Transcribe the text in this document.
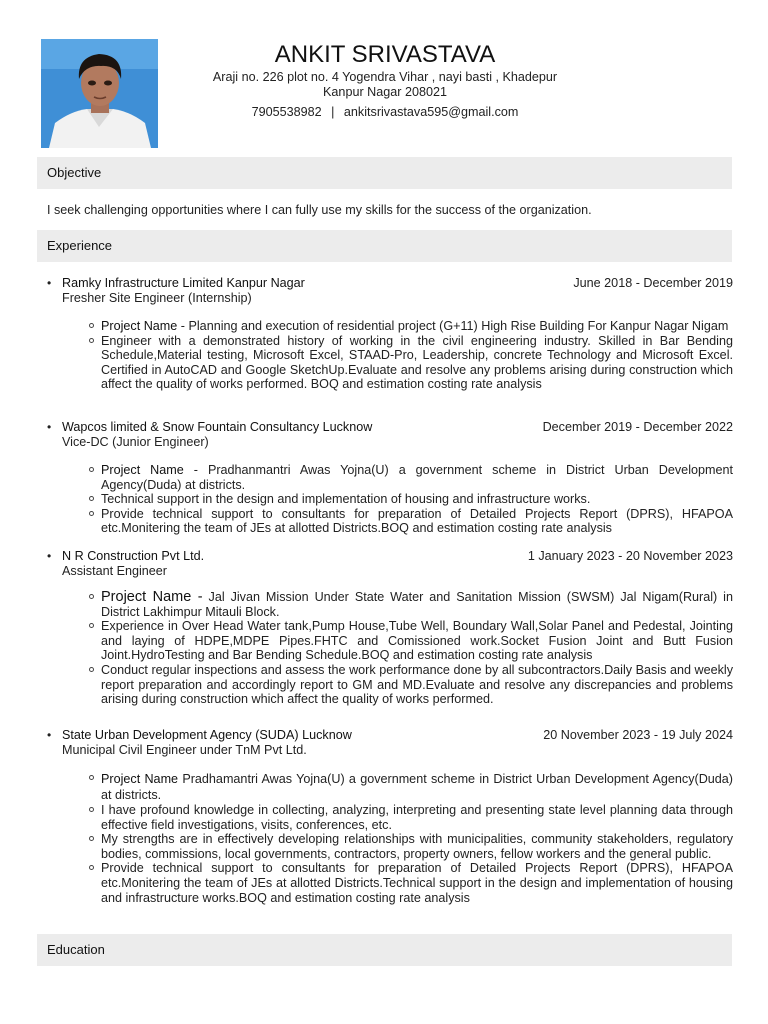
ANKIT SRIVASTAVA
Araji no. 226 plot no. 4 Yogendra Vihar , nayi basti , Khadepur
Kanpur Nagar 208021
7905538982 | ankitsrivastava595@gmail.com
Objective
I seek challenging opportunities where I can fully use my skills for the success of the organization.
Experience
• Ramky Infrastructure Limited Kanpur Nagar	June 2018 - December 2019
Fresher Site Engineer (Internship)
Project Name - Planning and execution of residential project (G+11) High Rise Building For Kanpur Nagar Nigam
Engineer with a demonstrated history of working in the civil engineering industry. Skilled in Bar Bending Schedule,Material testing, Microsoft Excel, STAAD-Pro, Leadership, concrete Technology and Microsoft Excel. Certified in AutoCAD and Google SketchUp.Evaluate and resolve any problems arising during construction which affect the quality of works performed. BOQ and estimation costing rate analysis
• Wapcos limited & Snow Fountain Consultancy Lucknow	December 2019 - December 2022
Vice-DC (Junior Engineer)
Project Name - Pradhanmantri Awas Yojna(U) a government scheme in District Urban Development Agency(Duda) at districts.
Technical support in the design and implementation of housing and infrastructure works.
Provide technical support to consultants for preparation of Detailed Projects Report (DPRS), HFAPOA etc.Monitering the team of JEs at allotted Districts.BOQ and estimation costing rate analysis
• N R Construction Pvt Ltd.	1 January 2023 - 20 November 2023
Assistant Engineer
Project Name - Jal Jivan Mission Under State Water and Sanitation Mission (SWSM) Jal Nigam(Rural) in District Lakhimpur Mitauli Block.
Experience in Over Head Water tank,Pump House,Tube Well, Boundary Wall,Solar Panel and Pedestal, Jointing and laying of HDPE,MDPE Pipes.FHTC and Comissioned work.Socket Fusion Joint and Butt Fusion Joint.HydroTesting and Bar Bending Schedule.BOQ and estimation costing rate analysis
Conduct regular inspections and assess the work performance done by all subcontractors.Daily Basis and weekly report preparation and accordingly report to GM and MD.Evaluate and resolve any discrepancies and problems arising during construction which affect the quality of works performed.
• State Urban Development Agency (SUDA) Lucknow	20 November 2023 - 19 July 2024
Municipal Civil Engineer under TnM Pvt Ltd.
Project Name Pradhamantri Awas Yojna(U) a government scheme in District Urban Development Agency(Duda) at districts.
I have profound knowledge in collecting, analyzing, interpreting and presenting state level planning data through effective field investigations, visits, conferences, etc.
My strengths are in effectively developing relationships with municipalities, community stakeholders, regulatory bodies, commissions, local governments, contractors, property owners, fellow workers and the general public.
Provide technical support to consultants for preparation of Detailed Projects Report (DPRS), HFAPOA etc.Monitering the team of JEs at allotted Districts.Technical support in the design and implementation of housing and infrastructure works.BOQ and estimation costing rate analysis
Education
